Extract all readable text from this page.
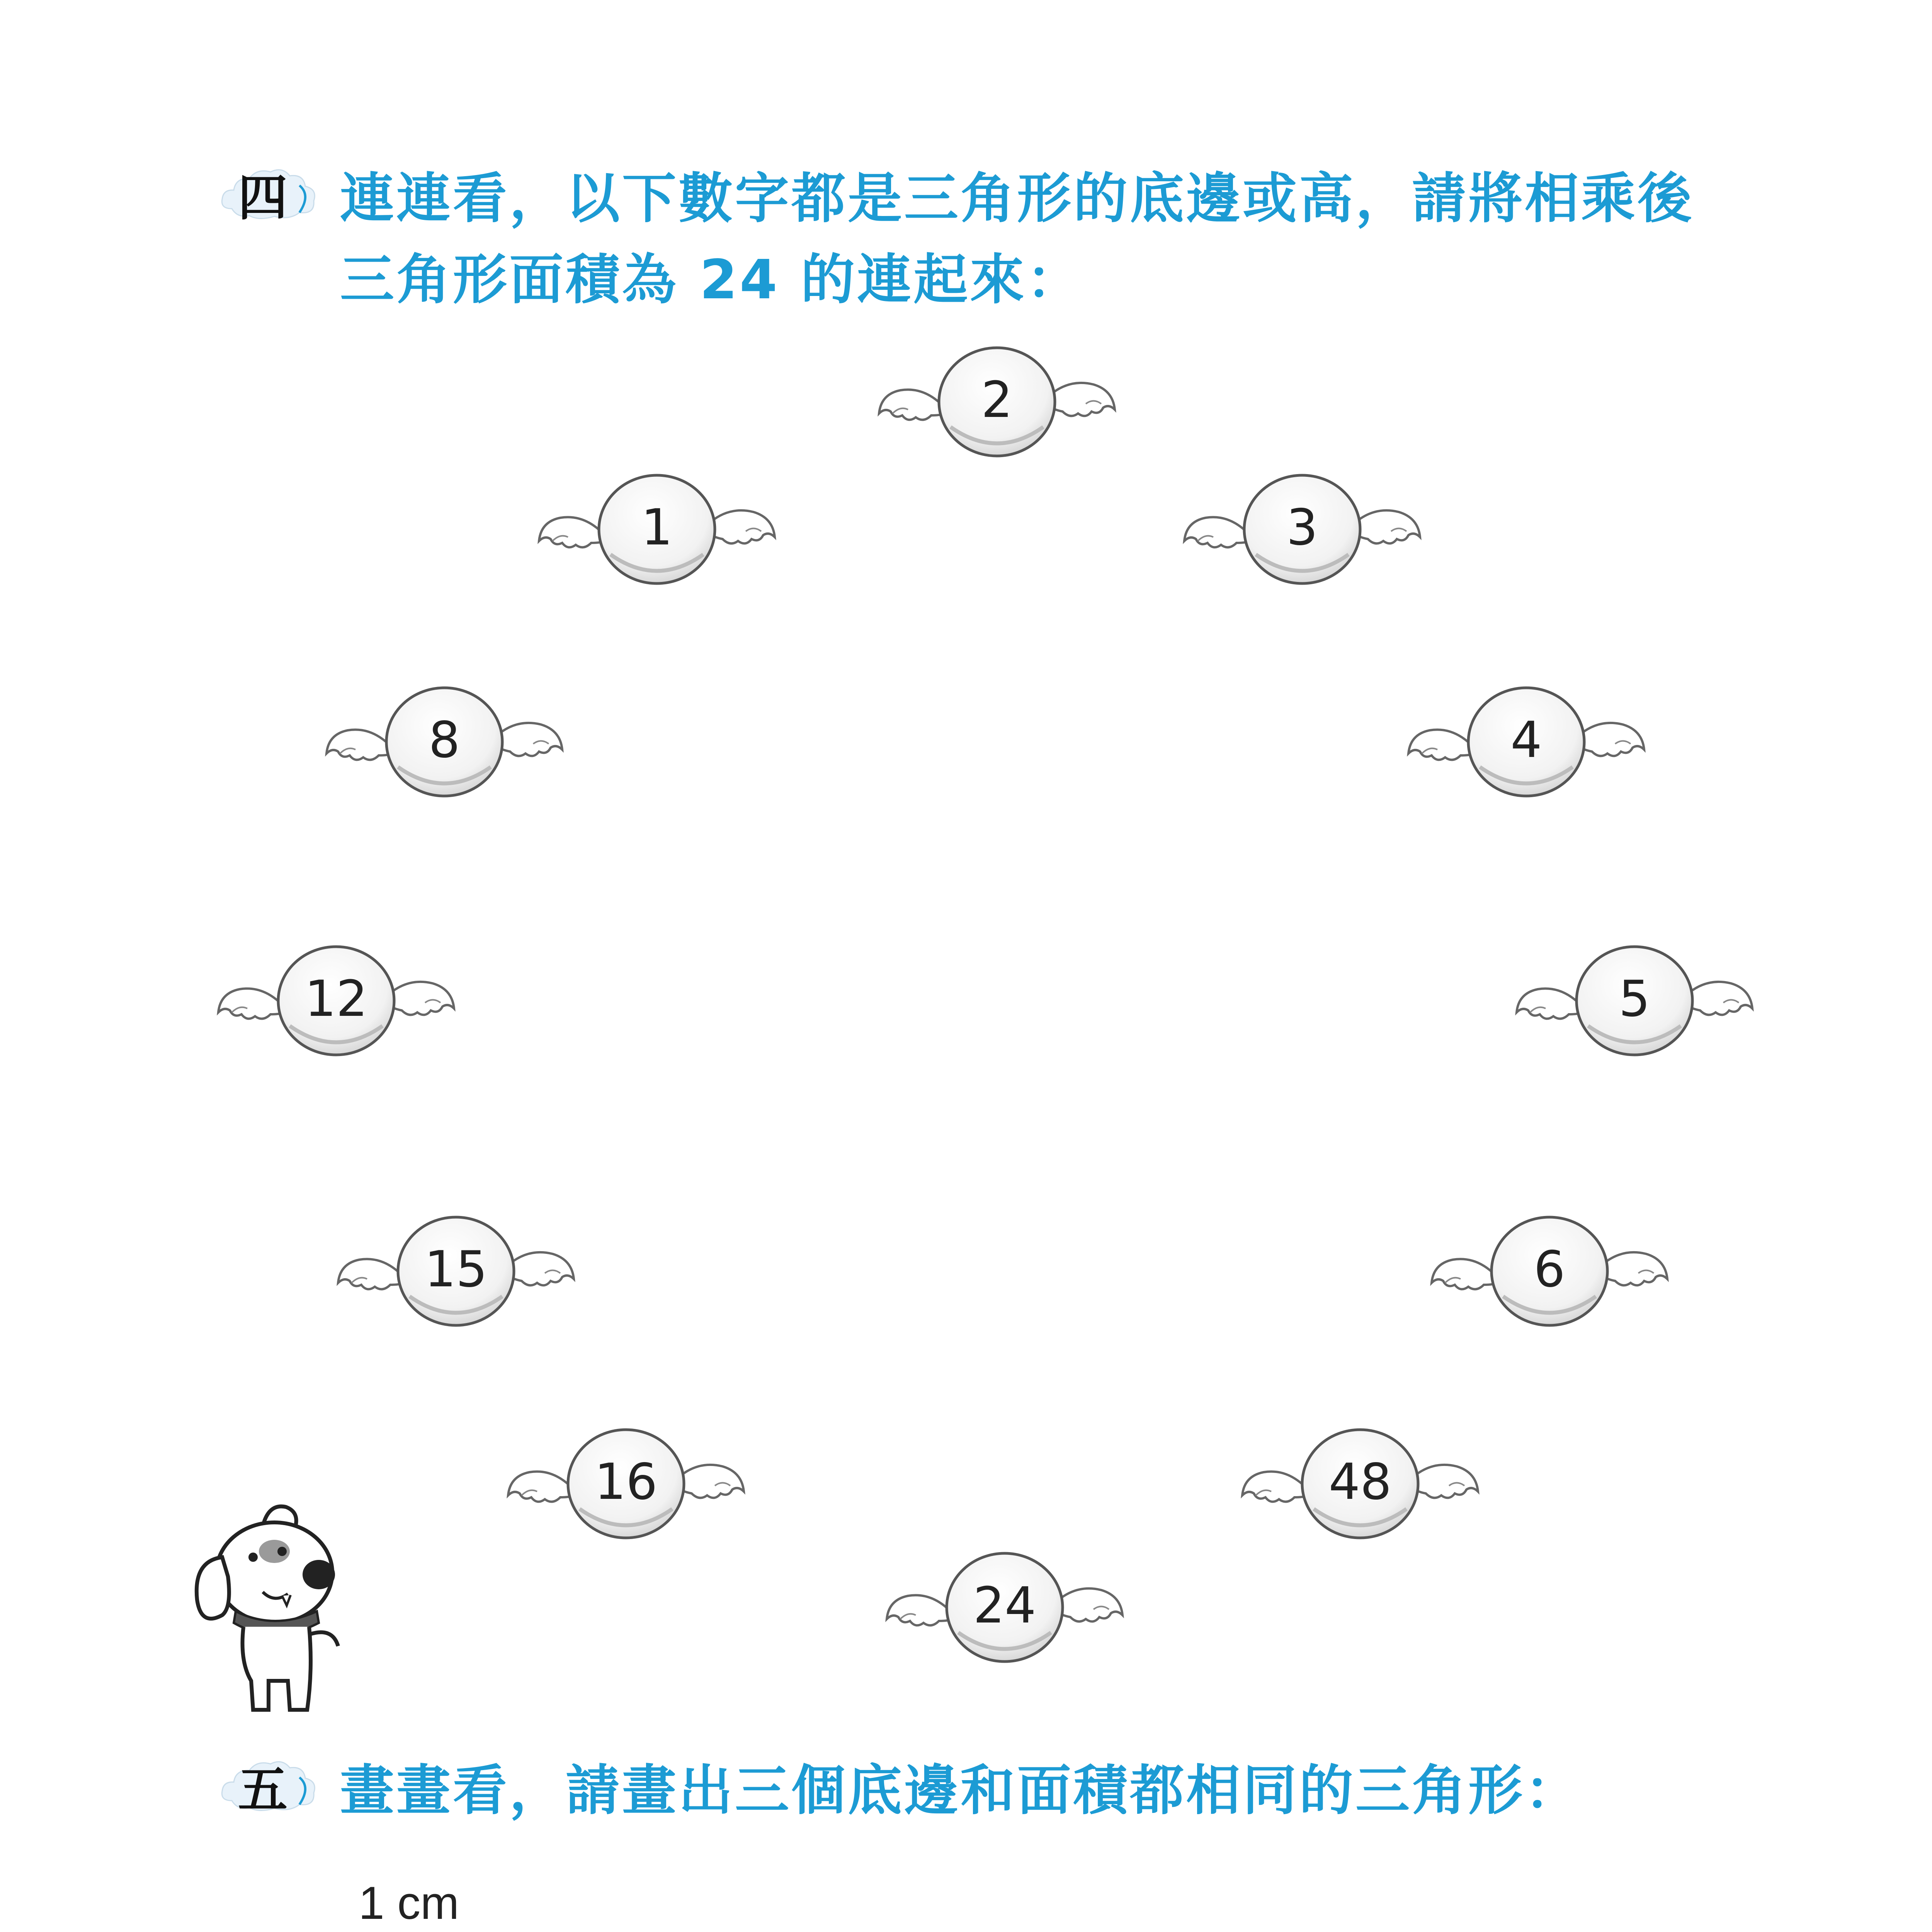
四 連連看，以下數字都是三角形的底邊或高，請將相乘後
三角形面積為 24 的連起來：
2
1	3
8	4
12	5
15	6
16	48
24
五 畫畫看，請畫出三個底邊和面積都相同的三角形：
1 cm
